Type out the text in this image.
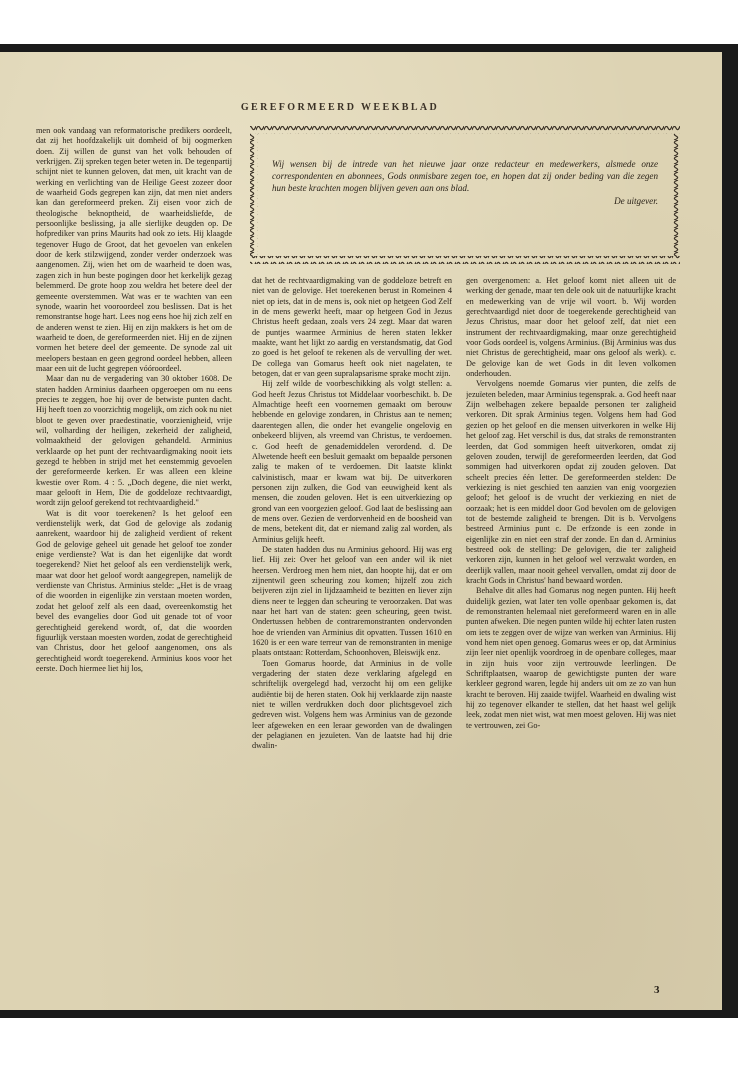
GEREFORMEERD WEEKBLAD

men ook vandaag van reformatorische predikers oordeelt, dat zij het hoofdzakelijk uit domheid of bij oogmerken doen. Zij willen de gunst van het volk behouden of verkrijgen. Zij spreken tegen beter weten in. De tegenpartij schijnt niet te kunnen geloven, dat men, uit kracht van de werking en verlichting van de Heilige Geest zozeer door de waarheid Gods gegrepen kan zijn, dat men niet anders kan dan gereformeerd preken. Zij eisen voor zich de theologische beknoptheid, de waarheidsliefde, de persoonlijke beslissing, ja alle sierlijke deugden op. De hofprediker van prins Maurits had ook zo iets. Hij klaagde tegenover Hugo de Groot, dat het gevoelen van enkelen door de kerk stilzwijgend, zonder verder onderzoek was aangenomen. Zij, wien het om de waarheid te doen was, zagen zich in hun beste pogingen door het kerkelijk gezag belemmerd. De grote hoop zou weldra het betere deel der gemeente overstemmen. Wat was er te wachten van een synode, waarin het vooroordeel zou beslissen. Dat is het remonstrantse hoge hart. Lees nog eens hoe hij zich zelf en de anderen wenst te zien. Hij en zijn makkers is het om de waarheid te doen, de gereformeerden niet. Hij en de zijnen vormen het betere deel der gemeente. De synode zal uit meelopers bestaan en geen gegrond oordeel hebben, alleen maar een uit de lucht gegrepen vóóroordeel.

Maar dan nu de vergadering van 30 oktober 1608. De staten hadden Arminius daarheen opgeroepen om nu eens precies te zeggen, hoe hij over de betwiste punten dacht. Hij heeft toen zo voorzichtig mogelijk, om zich ook nu niet bloot te geven over praedestinatie, voorzienigheid, vrije wil, volharding der heiligen, zekerheid der zaligheid, volmaaktheid der gelovigen gehandeld. Arminius verklaarde op het punt der rechtvaardigmaking nooit iets gezegd te hebben in strijd met het eenstemmig gevoelen der gereformeerde kerken. Er was alleen een kleine kwestie over Rom. 4 : 5. „Doch degene, die niet werkt, maar gelooft in Hem, Die de goddeloze rechtvaardigt, wordt zijn geloof gerekend tot rechtvaardigheid."

Wat is dit voor toerekenen? Is het geloof een verdienstelijk werk, dat God de gelovige als zodanig aanrekent, waardoor hij de zaligheid verdient of rekent God de gelovige geheel uit genade het geloof toe zonder enige verdienste? Wat is dan het eigenlijke dat wordt toegerekend? Niet het geloof als een verdienstelijk werk, maar wat door het geloof wordt aangegrepen, namelijk de verdienste van Christus. Arminius stelde: „Het is de vraag of die woorden in eigenlijke zin verstaan moeten worden, zodat het geloof zelf als een daad, overeenkomstig het bevel des evangelies door God uit genade tot of voor gerechtigheid gerekend wordt, of, dat die woorden figuurlijk verstaan moesten worden, zodat de gerechtigheid van Christus, door het geloof aangenomen, ons als gerechtigheid wordt toegerekend. Arminius koos voor het eerste. Doch hiermee liet hij los,

Wij wensen bij de intrede van het nieuwe jaar onze redacteur en medewerkers, alsmede onze correspondenten en abonnees, Gods onmisbare zegen toe, en hopen dat zij onder beding van die zegen hun beste krachten mogen blijven geven aan ons blad.
De uitgever.

dat het de rechtvaardigmaking van de goddeloze betreft en niet van de gelovige. Het toerekenen berust in Romeinen 4 niet op iets, dat in de mens is, ook niet op hetgeen God Zelf in de mens gewerkt heeft, maar op hetgeen God in Jezus Christus heeft gedaan, zoals vers 24 zegt. Maar dat waren de puntjes waarmee Arminius de heren staten lekker maakte, want het lijkt zo aardig en verstandsmatig, dat God zo goed is het geloof te rekenen als de vervulling der wet. De collega van Gomarus heeft ook niet nagelaten, te betogen, dat er van geen supralapsarisme sprake mocht zijn.

Hij zelf wilde de voorbeschikking als volgt stellen: a. God heeft Jezus Christus tot Middelaar voorbeschikt. b. De Almachtige heeft een voornemen gemaakt om berouw hebbende en gelovige zondaren, in Christus aan te nemen; daarentegen allen, die onder het evangelie ongelovig en onbekeerd blijven, als vreemd van Christus, te verdoemen. c. God heeft de genademiddelen verordend. d. De Alwetende heeft een besluit gemaakt om bepaalde personen zalig te maken of te verdoemen. Dit laatste klinkt calvinistisch, maar er kwam wat bij. De uitverkoren personen zijn zulken, die God van eeuwigheid kent als mensen, die zouden geloven. Het is een uitverkiezing op grond van een voorgezien geloof. God laat de beslissing aan de mens over. Gezien de verdorvenheid en de boosheid van de mens, betekent dit, dat er niemand zalig zal worden, als Arminius gelijk heeft.

De staten hadden dus nu Arminius gehoord. Hij was erg lief. Hij zei: Over het geloof van een ander wil ik niet heersen. Verdroeg men hem niet, dan hoopte hij, dat er om zijnentwil geen scheuring zou komen; hijzelf zou zich beijveren zijn ziel in lijdzaamheid te bezitten en liever zijn diens neer te leggen dan scheuring te veroorzaken. Dat was naar het hart van de staten: geen scheuring, geen twist. Ondertussen hebben de contraremonstranten ondervonden hoe de vrienden van Arminius dit opvatten. Tussen 1610 en 1620 is er een ware terreur van de remonstranten in menige plaats ontstaan: Rotterdam, Schoonhoven, Bleiswijk enz.

Toen Gomarus hoorde, dat Arminius in de volle vergadering der staten deze verklaring afgelegd en schriftelijk overgelegd had, verzocht hij om een gelijke audiëntie bij de heren staten. Ook hij verklaarde zijn naaste niet te willen verdrukken doch door plichtsgevoel zich gedreven wist. Volgens hem was Arminius van de gezonde leer afgeweken en een leraar geworden van de dwalingen der pelagianen en jezuïeten. Van de laatste had hij drie dwalin-

gen overgenomen: a. Het geloof komt niet alleen uit de werking der genade, maar ten dele ook uit de natuurlijke kracht en medewerking van de vrije wil voort. b. Wij worden gerechtvaardigd niet door de toegerekende gerechtigheid van Jezus Christus, maar door het geloof zelf, dat niet een instrument der rechtvaardigmaking, maar onze gerechtigheid voor Gods oordeel is, volgens Arminius. (Bij Arminius was dus niet Christus de gerechtigheid, maar ons geloof als werk). c. De gelovige kan de wet Gods in dit leven volkomen onderhouden.

Vervolgens noemde Gomarus vier punten, die zelfs de jezuïeten beleden, maar Arminius tegensprak. a. God heeft naar Zijn welbehagen zekere bepaalde personen ter zaligheid verkoren. Dit sprak Arminius tegen. Volgens hem had God gezien op het geloof en die mensen uitverkoren in welke Hij het geloof zag. Het verschil is dus, dat straks de remonstranten leerden, dat God sommigen heeft uitverkoren, omdat zij geloven zouden, terwijl de gereformeerden leerden, dat God sommigen had uitverkoren opdat zij zouden geloven. Dat scheelt precies één letter. De gereformeerden stelden: De verkiezing is niet geschied ten aanzien van enig voorgezien geloof; het geloof is de vrucht der verkiezing en niet de oorzaak; het is een middel door God bevolen om de gelovigen tot de bestemde zaligheid te brengen. Dit is b. Vervolgens bestreed Arminius punt c. De erfzonde is een zonde in eigenlijke zin en niet een straf der zonde. En dan d. Arminius bestreed ook de stelling: De gelovigen, die ter zaligheid verkoren zijn, kunnen in het geloof wel verzwakt worden, en deerlijk vallen, maar nooit geheel vervallen, omdat zij door de kracht Gods in Christus' hand bewaard worden.

Behalve dit alles had Gomarus nog negen punten. Hij heeft duidelijk gezien, wat later ten volle openbaar gekomen is, dat de remonstranten helemaal niet gereformeerd waren en in alle punten afweken. Die negen punten wilde hij echter laten rusten om iets te zeggen over de wijze van werken van Arminius. Hij vond hem niet open genoeg. Gomarus wees er op, dat Arminius zijn leer niet openlijk voordroeg in de openbare colleges, maar in zijn huis voor zijn vertrouwde leerlingen. De Schriftplaatsen, waarop de gewichtigste punten der ware kerkleer gegrond waren, legde hij anders uit om ze zo van hun kracht te beroven. Hij zaaide twijfel. Waarheid en dwaling wist hij zo tegenover elkander te stellen, dat het haast wel gelijk leek, zodat men niet wist, wat men moest geloven. Hij was niet te vertrouwen, zei Go-

3
